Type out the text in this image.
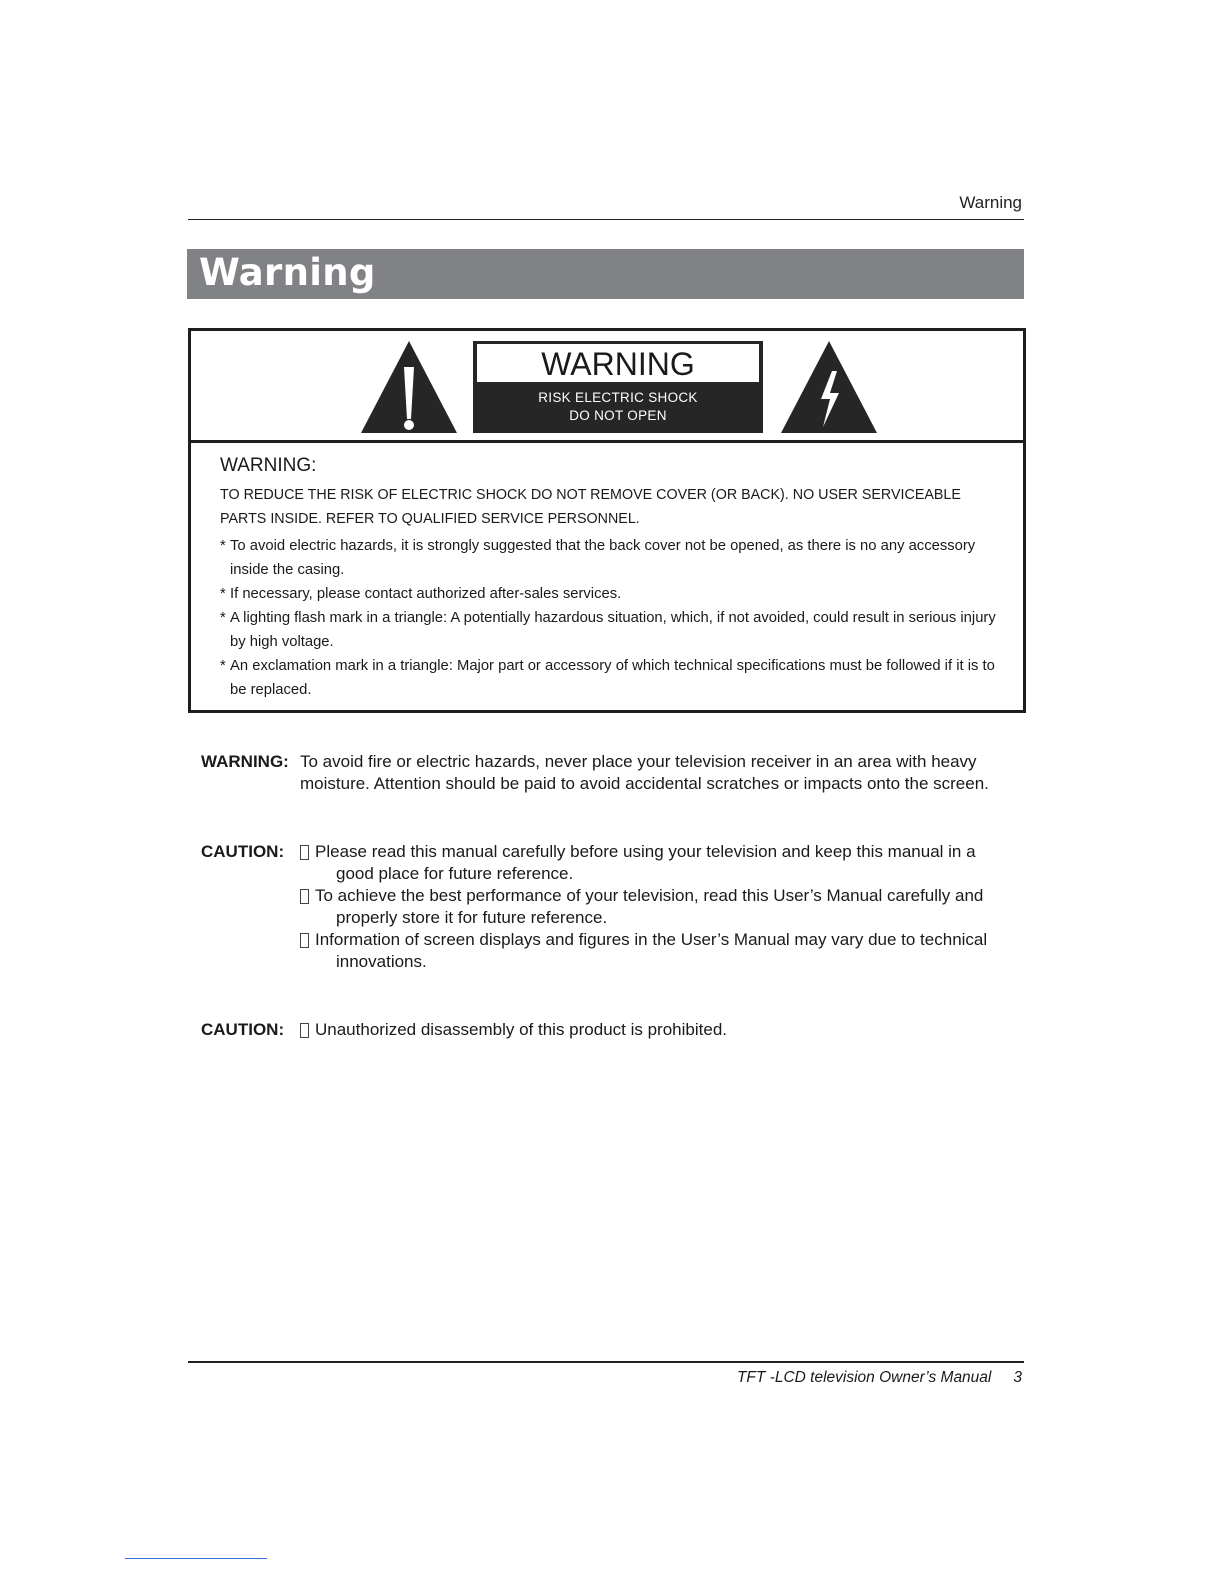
Warning
Warning
WARNING
RISK ELECTRIC SHOCK
DO NOT OPEN
WARNING:
TO REDUCE THE RISK OF ELECTRIC SHOCK DO NOT REMOVE COVER (OR BACK). NO USER SERVICEABLE PARTS INSIDE. REFER TO QUALIFIED SERVICE PERSONNEL.
* To avoid electric hazards, it is strongly suggested that the back cover not be opened, as there is no any accessory inside the casing.
* If necessary, please contact authorized after-sales services.
* A lighting flash mark in a triangle: A potentially hazardous situation, which, if not avoided, could result in serious injury by high voltage.
* An exclamation mark in a triangle: Major part or accessory of which technical specifications must be followed if it is to be replaced.
WARNING: To avoid fire or electric hazards, never place your television receiver in an area with heavy
moisture. Attention should be paid to avoid accidental scratches or impacts onto the screen.
CAUTION:	Please read this manual carefully before using your television and keep this manual in a
good place for future reference.
To achieve the best performance of your television, read this User’s Manual carefully and
properly store it for future reference.
Information of screen displays and figures in the User’s Manual may vary due to technical
innovations.
CAUTION:	Unauthorized disassembly of this product is prohibited.
TFT -LCD television Owner’s Manual 3
